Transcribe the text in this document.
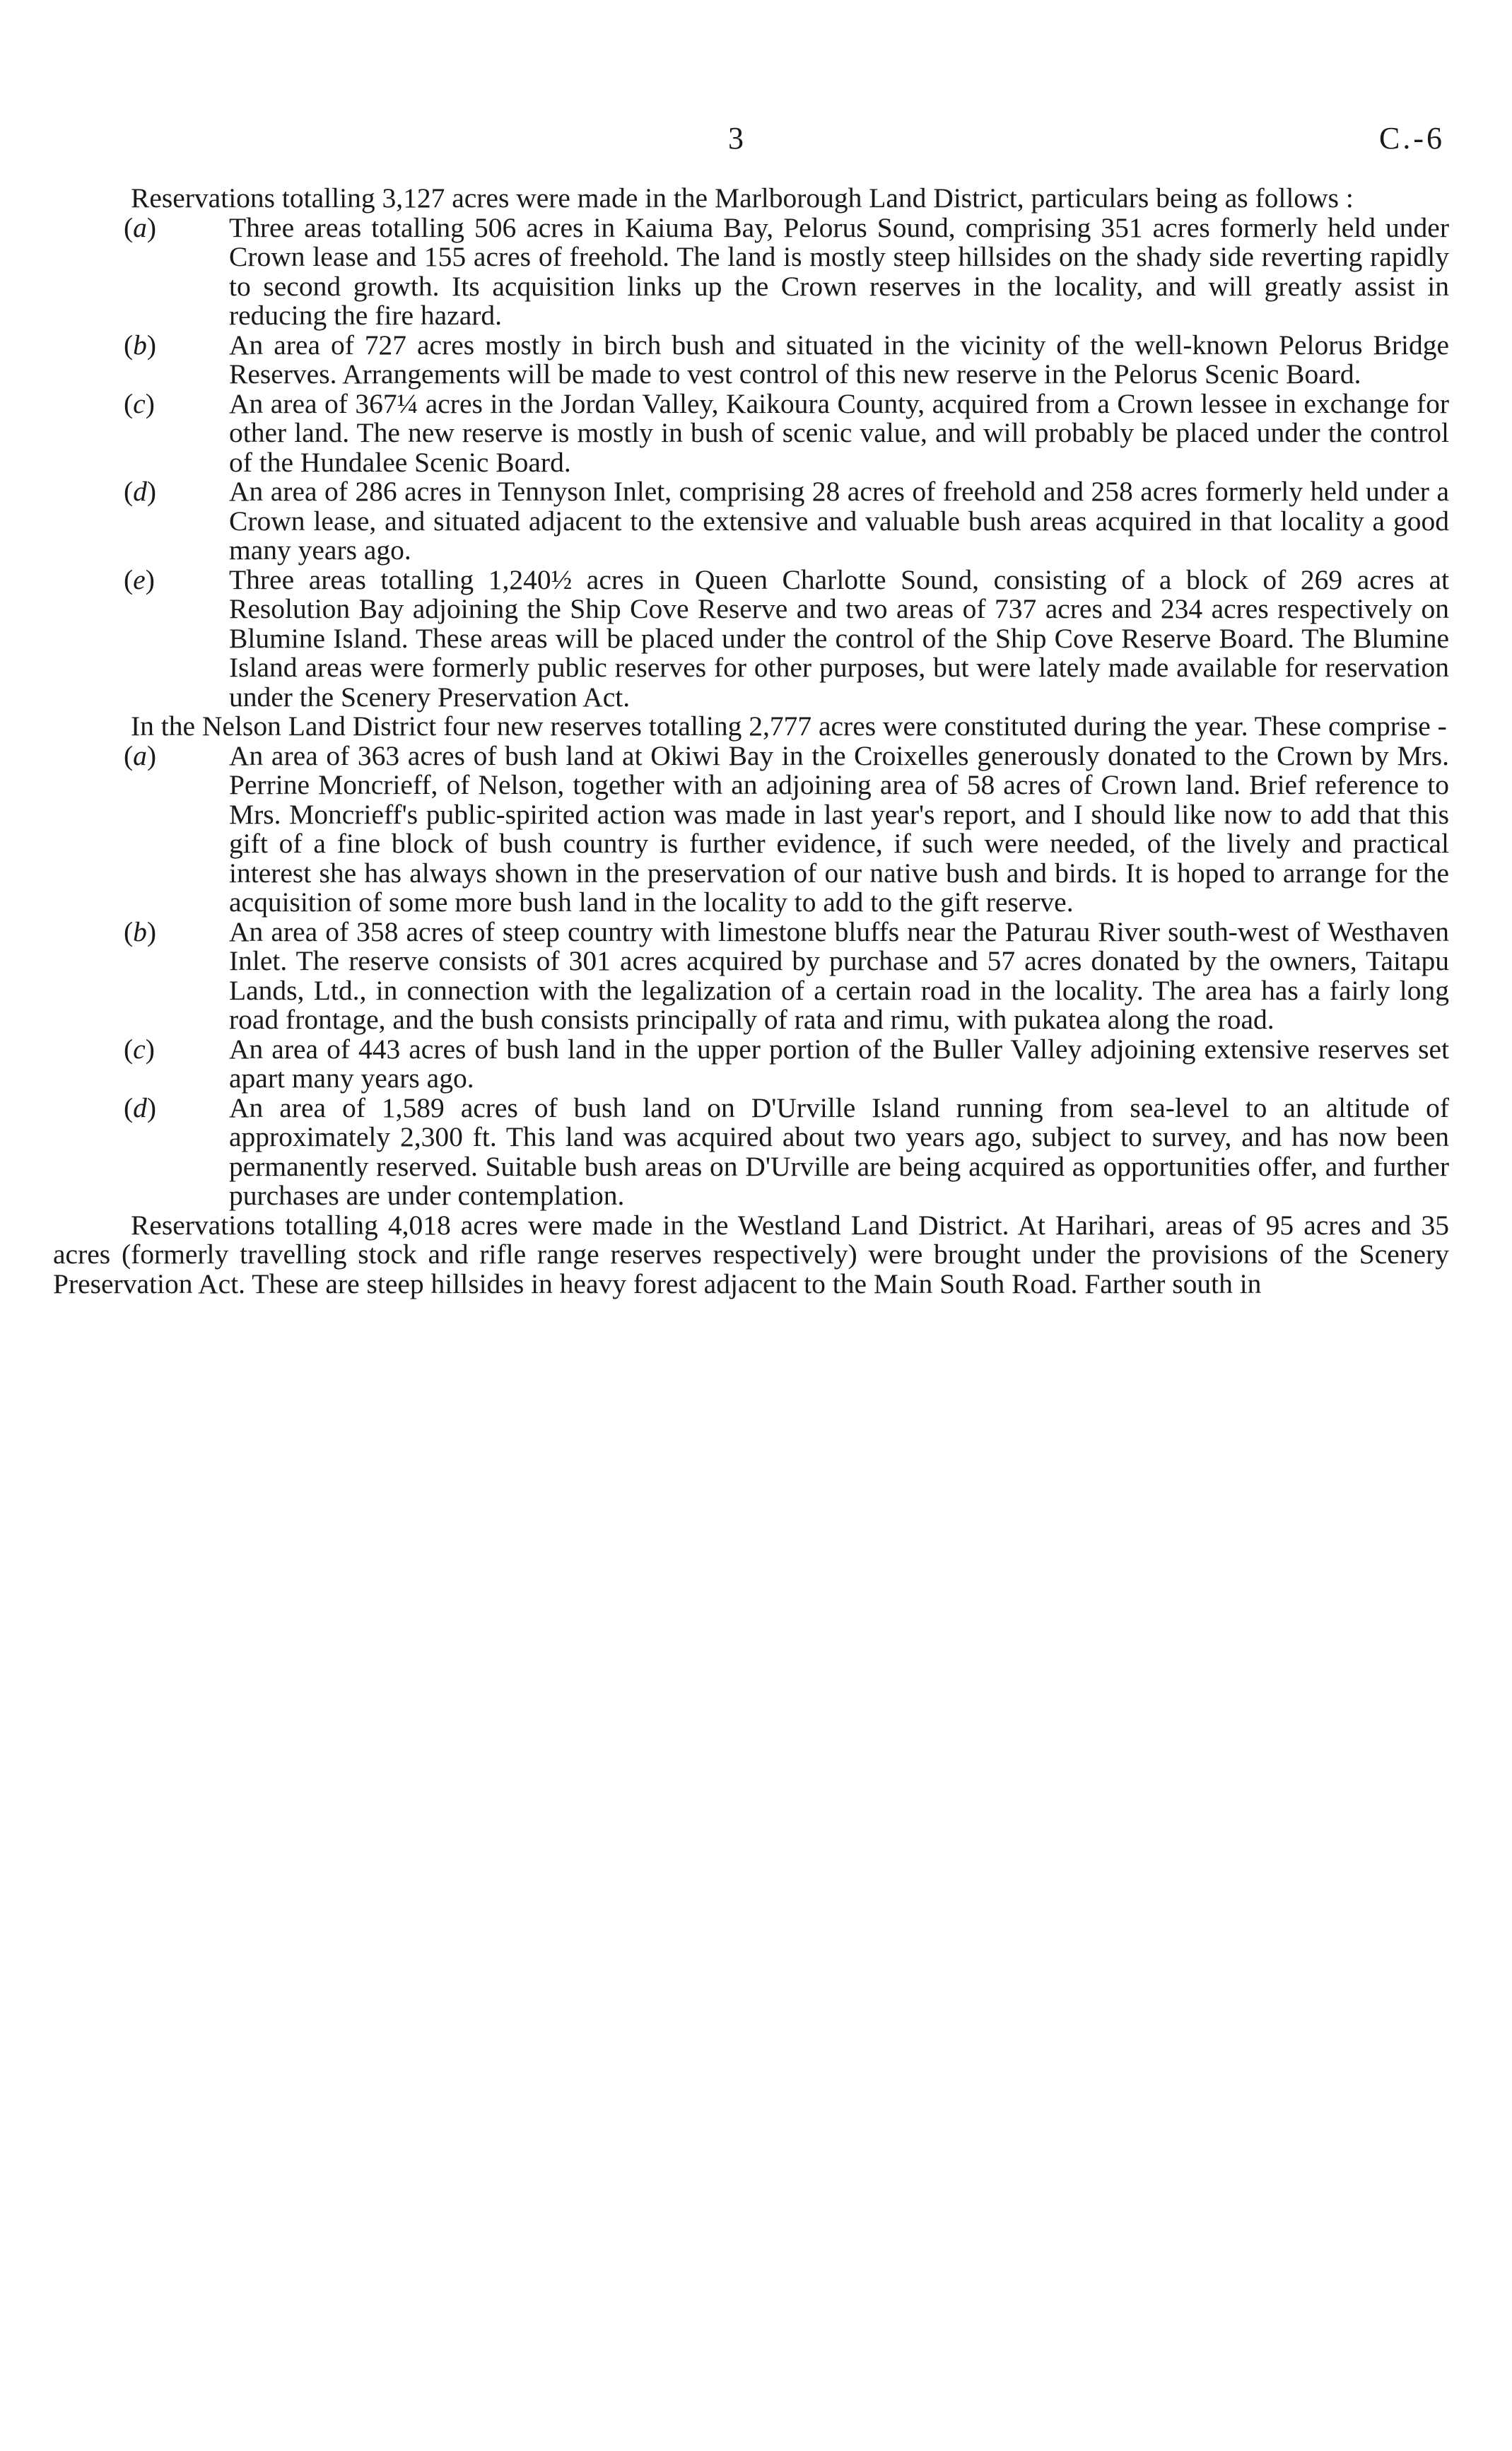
3	C.-6

Reservations totalling 3,127 acres were made in the Marlborough Land District, particulars being as follows :

(a)	Three areas totalling 506 acres in Kaiuma Bay, Pelorus Sound, comprising 351 acres formerly held under Crown lease and 155 acres of freehold. The land is mostly steep hillsides on the shady side reverting rapidly to second growth. Its acquisition links up the Crown reserves in the locality, and will greatly assist in reducing the fire hazard.
(b)	An area of 727 acres mostly in birch bush and situated in the vicinity of the well-known Pelorus Bridge Reserves. Arrangements will be made to vest control of this new reserve in the Pelorus Scenic Board.
(c)	An area of 367¼ acres in the Jordan Valley, Kaikoura County, acquired from a Crown lessee in exchange for other land. The new reserve is mostly in bush of scenic value, and will probably be placed under the control of the Hundalee Scenic Board.
(d)	An area of 286 acres in Tennyson Inlet, comprising 28 acres of freehold and 258 acres formerly held under a Crown lease, and situated adjacent to the extensive and valuable bush areas acquired in that locality a good many years ago.
(e)	Three areas totalling 1,240½ acres in Queen Charlotte Sound, consisting of a block of 269 acres at Resolution Bay adjoining the Ship Cove Reserve and two areas of 737 acres and 234 acres respectively on Blumine Island. These areas will be placed under the control of the Ship Cove Reserve Board. The Blumine Island areas were formerly public reserves for other purposes, but were lately made available for reservation under the Scenery Preservation Act.

In the Nelson Land District four new reserves totalling 2,777 acres were constituted during the year. These comprise -

(a)	An area of 363 acres of bush land at Okiwi Bay in the Croixelles generously donated to the Crown by Mrs. Perrine Moncrieff, of Nelson, together with an adjoining area of 58 acres of Crown land. Brief reference to Mrs. Moncrieff's public-spirited action was made in last year's report, and I should like now to add that this gift of a fine block of bush country is further evidence, if such were needed, of the lively and practical interest she has always shown in the preservation of our native bush and birds. It is hoped to arrange for the acquisition of some more bush land in the locality to add to the gift reserve.
(b)	An area of 358 acres of steep country with limestone bluffs near the Paturau River south-west of Westhaven Inlet. The reserve consists of 301 acres acquired by purchase and 57 acres donated by the owners, Taitapu Lands, Ltd., in connection with the legalization of a certain road in the locality. The area has a fairly long road frontage, and the bush consists principally of rata and rimu, with pukatea along the road.
(c)	An area of 443 acres of bush land in the upper portion of the Buller Valley adjoining extensive reserves set apart many years ago.
(d)	An area of 1,589 acres of bush land on D'Urville Island running from sea-level to an altitude of approximately 2,300 ft. This land was acquired about two years ago, subject to survey, and has now been permanently reserved. Suitable bush areas on D'Urville are being acquired as opportunities offer, and further purchases are under contemplation.

Reservations totalling 4,018 acres were made in the Westland Land District. At Harihari, areas of 95 acres and 35 acres (formerly travelling stock and rifle range reserves respectively) were brought under the provisions of the Scenery Preservation Act. These are steep hillsides in heavy forest adjacent to the Main South Road. Farther south in
